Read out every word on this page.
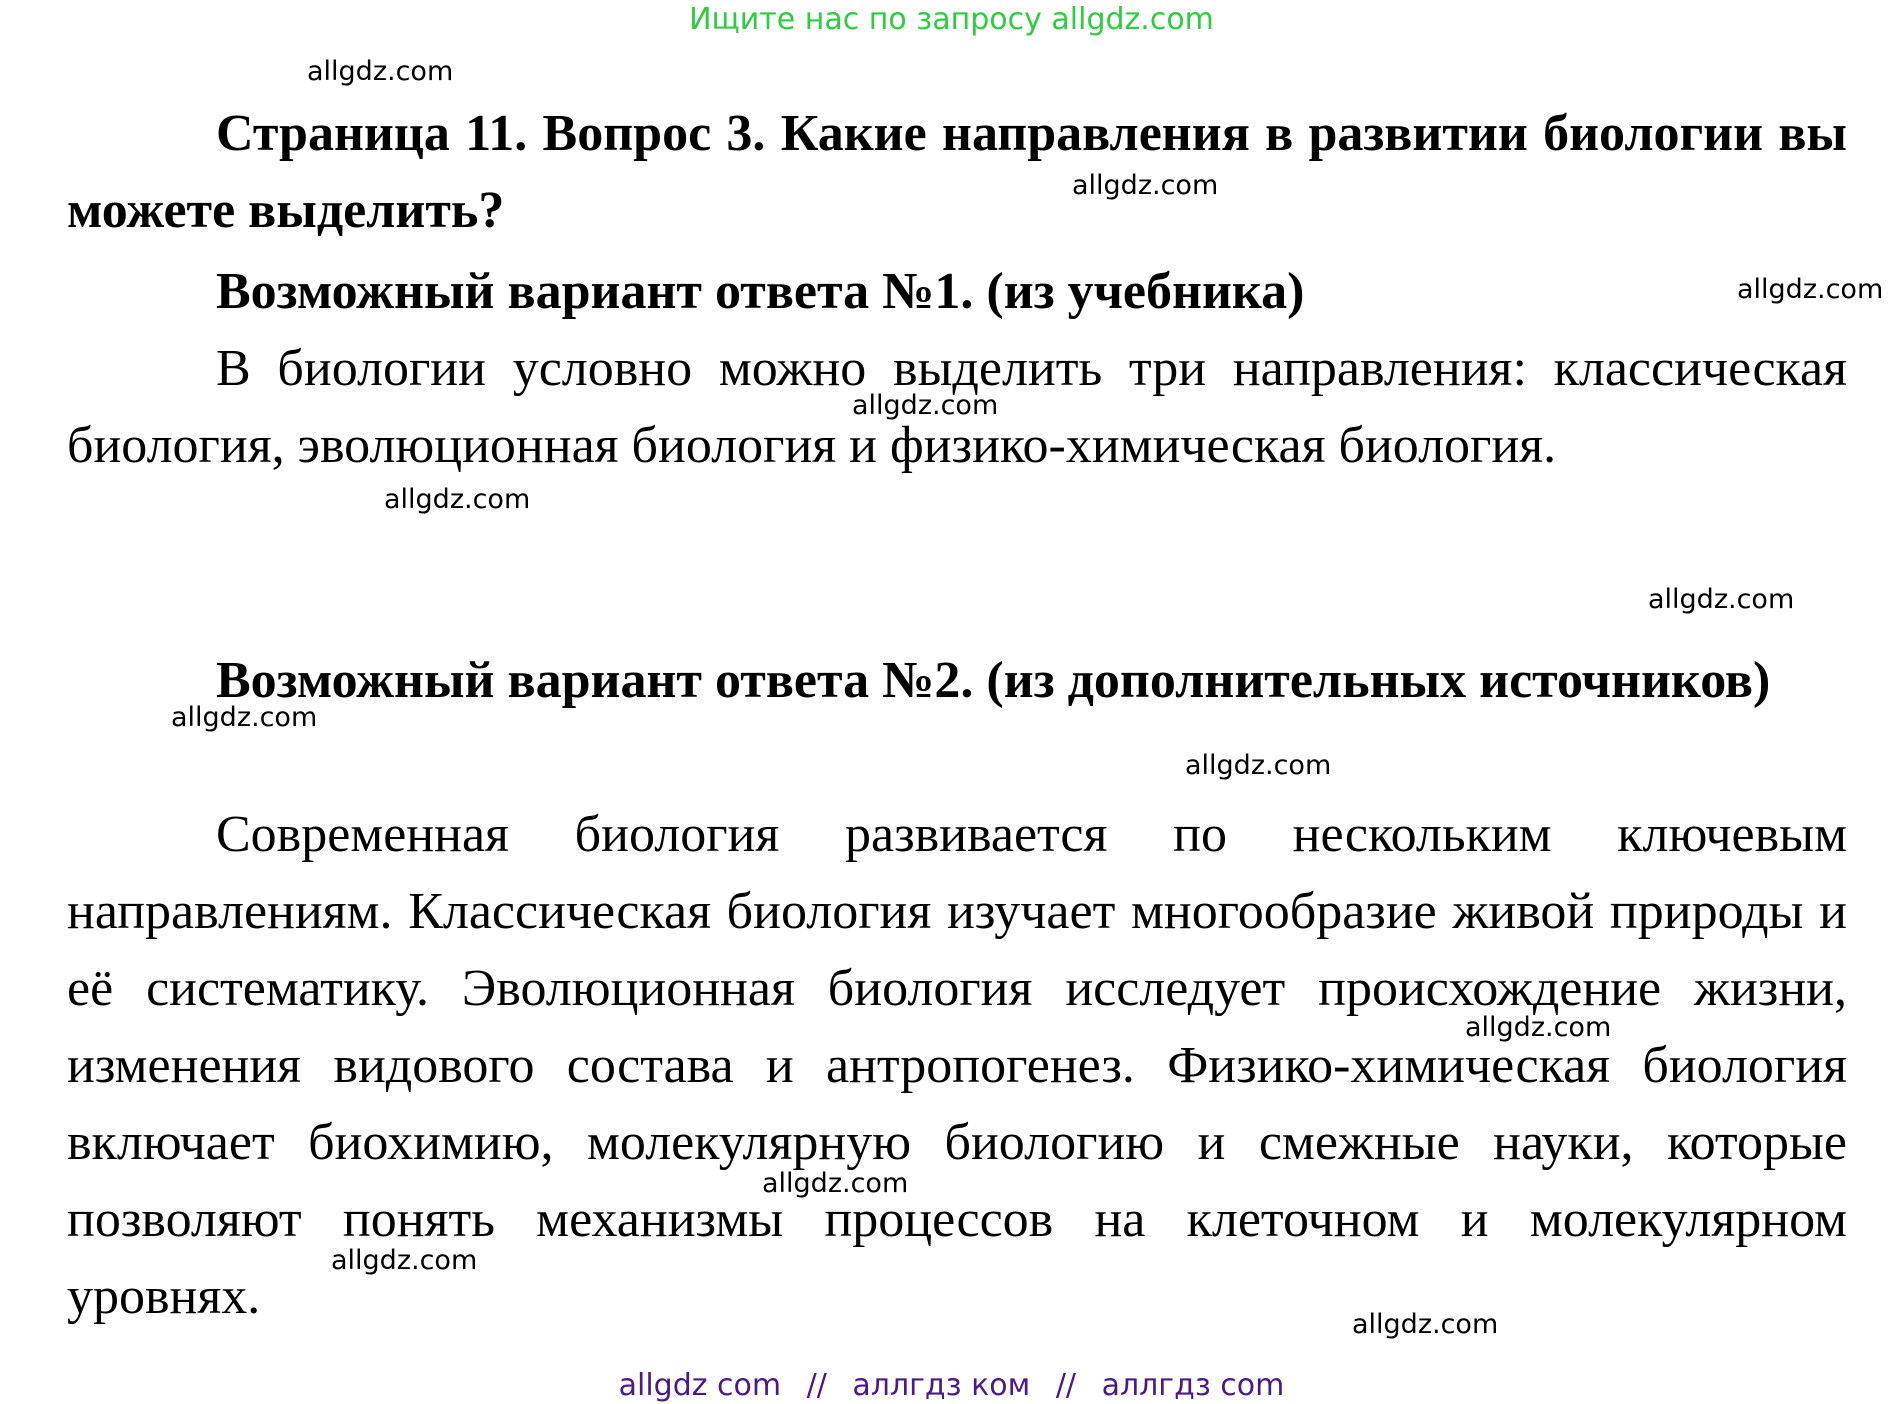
Ищите нас по запросу allgdz.com

Страница 11. Вопрос 3. Какие направления в развитии биологии вы можете выделить?

Возможный вариант ответа №1. (из учебника)

В биологии условно можно выделить три направления: классическая биология, эволюционная биология и физико-химическая биология.

Возможный вариант ответа №2. (из дополнительных источников)

Современная биология развивается по нескольким ключевым направлениям. Классическая биология изучает многообразие живой природы и её систематику. Эволюционная биология исследует происхождение жизни, изменения видового состава и антропогенез. Физико-химическая биология включает биохимию, молекулярную биологию и смежные науки, которые позволяют понять механизмы процессов на клеточном и молекулярном уровнях.

allgdz.com
allgdz.com
allgdz.com
allgdz.com
allgdz.com
allgdz.com
allgdz.com
allgdz.com
allgdz.com
allgdz.com
allgdz.com
allgdz.com
allgdz com // аллгдз ком // аллгдз com
